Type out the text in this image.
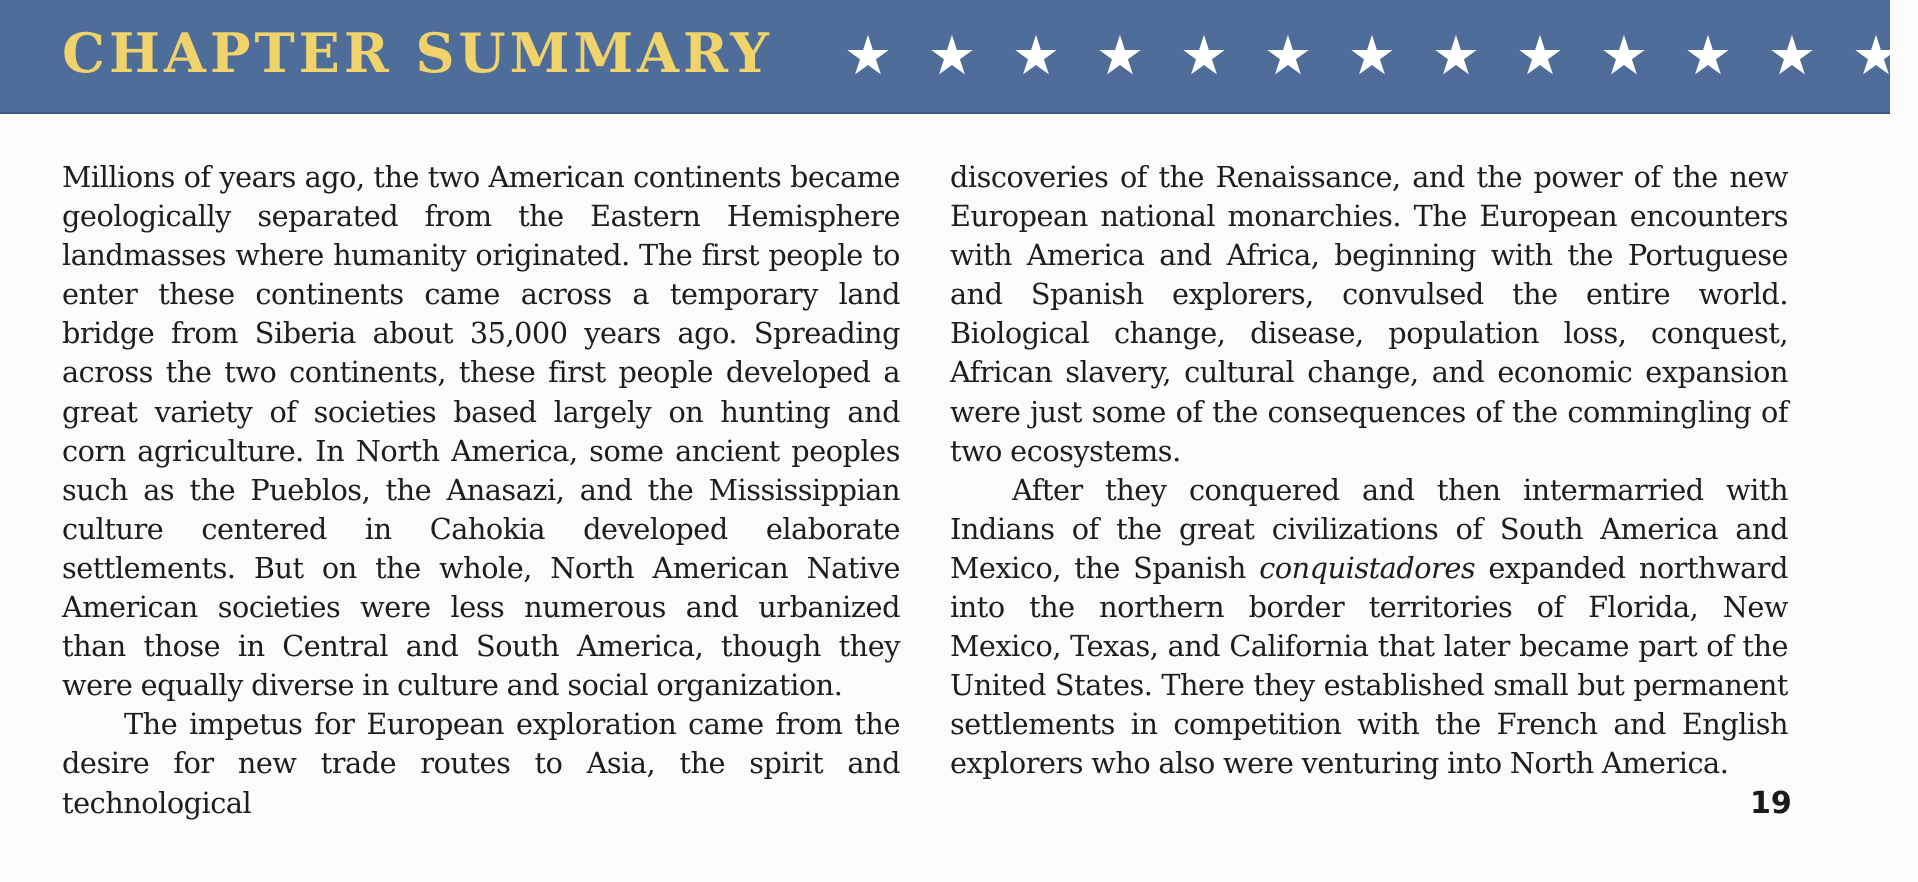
CHAPTER SUMMARY	★ ★ ★ ★ ★ ★ ★ ★ ★ ★ ★ ★ ★

Millions of years ago, the two American continents became geologically separated from the Eastern Hemisphere landmasses where humanity originated. The first people to enter these continents came across a temporary land bridge from Siberia about 35,000 years ago. Spreading across the two continents, these first people developed a great variety of societies based largely on hunting and corn agriculture. In North America, some ancient peoples such as the Pueblos, the Anasazi, and the Mississippian culture centered in Cahokia developed elaborate settlements. But on the whole, North American Native American societies were less numerous and urbanized than those in Central and South America, though they were equally diverse in culture and social organization.

The impetus for European exploration came from the desire for new trade routes to Asia, the spirit and technological

discoveries of the Renaissance, and the power of the new European national monarchies. The European encounters with America and Africa, beginning with the Portuguese and Spanish explorers, convulsed the entire world. Biological change, disease, population loss, conquest, African slavery, cultural change, and economic expansion were just some of the consequences of the commingling of two ecosystems.

After they conquered and then intermarried with Indians of the great civilizations of South America and Mexico, the Spanish conquistadores expanded northward into the northern border territories of Florida, New Mexico, Texas, and California that later became part of the United States. There they established small but permanent settlements in competition with the French and English explorers who also were venturing into North America.

19
